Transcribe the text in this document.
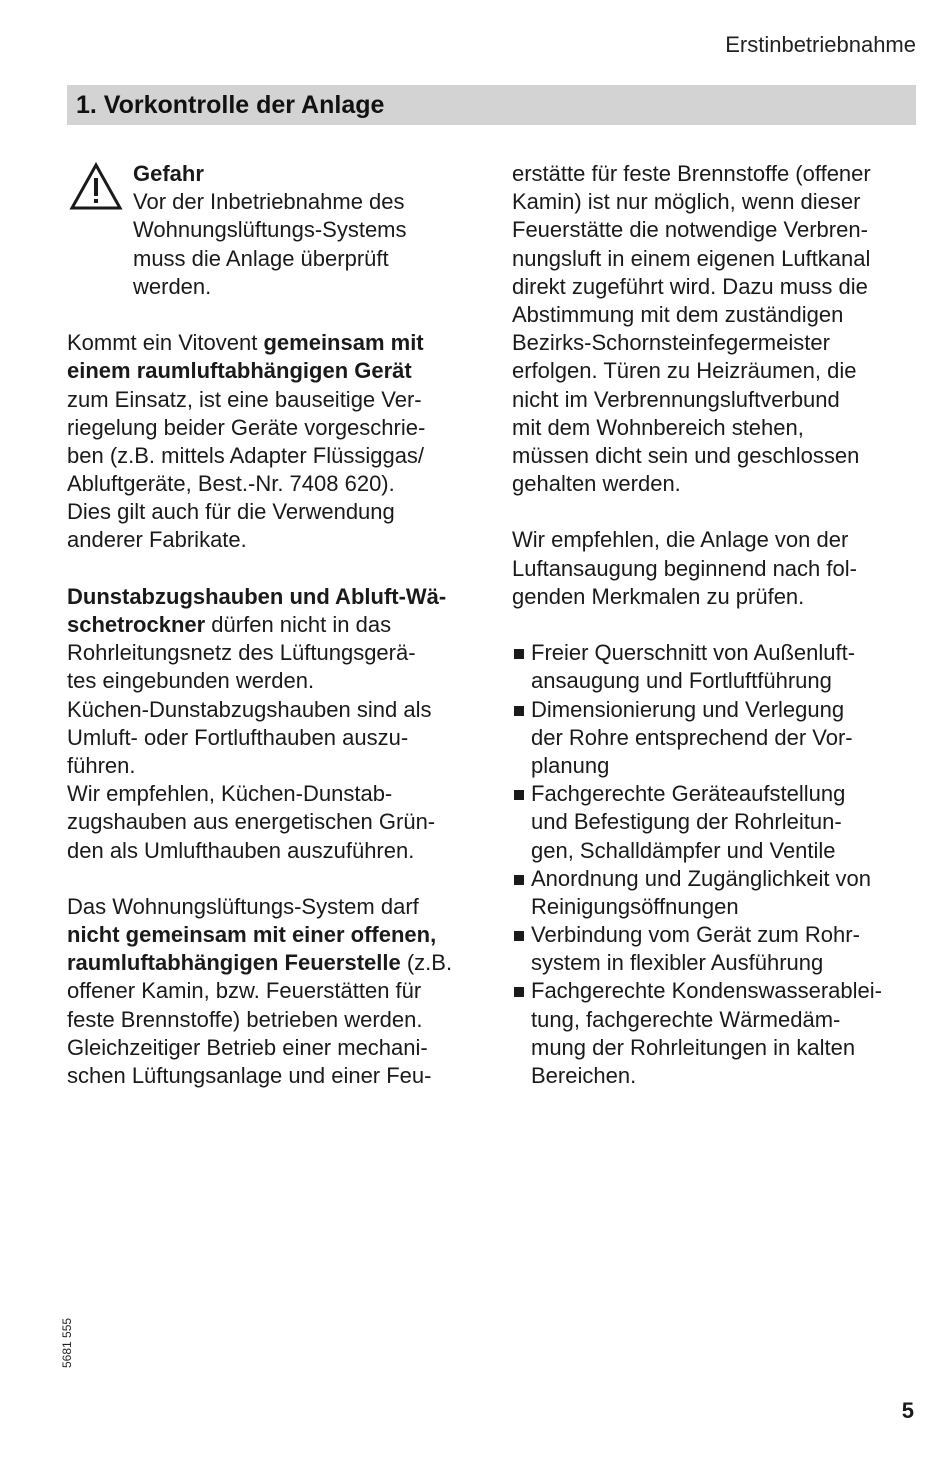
Erstinbetriebnahme
1. Vorkontrolle der Anlage
Gefahr
Vor der Inbetriebnahme des
Wohnungslüftungs-Systems
muss die Anlage überprüft
werden.
Kommt ein Vitovent gemeinsam mit
einem raumluftabhängigen Gerät
zum Einsatz, ist eine bauseitige Ver-
riegelung beider Geräte vorgeschrie-
ben (z.B. mittels Adapter Flüssiggas/
Abluftgeräte, Best.-Nr. 7408 620).
Dies gilt auch für die Verwendung
anderer Fabrikate.
Dunstabzugshauben und Abluft-Wä-
schetrockner dürfen nicht in das
Rohrleitungsnetz des Lüftungsgerä-
tes eingebunden werden.
Küchen-Dunstabzugshauben sind als
Umluft- oder Fortlufthauben auszu-
führen.
Wir empfehlen, Küchen-Dunstab-
zugshauben aus energetischen Grün-
den als Umlufthauben auszuführen.
Das Wohnungslüftungs-System darf
nicht gemeinsam mit einer offenen,
raumluftabhängigen Feuerstelle (z.B.
offener Kamin, bzw. Feuerstätten für
feste Brennstoffe) betrieben werden.
Gleichzeitiger Betrieb einer mechani-
schen Lüftungsanlage und einer Feu-
erstätte für feste Brennstoffe (offener
Kamin) ist nur möglich, wenn dieser
Feuerstätte die notwendige Verbren-
nungsluft in einem eigenen Luftkanal
direkt zugeführt wird. Dazu muss die
Abstimmung mit dem zuständigen
Bezirks-Schornsteinfegermeister
erfolgen. Türen zu Heizräumen, die
nicht im Verbrennungsluftverbund
mit dem Wohnbereich stehen,
müssen dicht sein und geschlossen
gehalten werden.
Wir empfehlen, die Anlage von der
Luftansaugung beginnend nach fol-
genden Merkmalen zu prüfen.
Freier Querschnitt von Außenluft-
ansaugung und Fortluftführung
Dimensionierung und Verlegung
der Rohre entsprechend der Vor-
planung
Fachgerechte Geräteaufstellung
und Befestigung der Rohrleitun-
gen, Schalldämpfer und Ventile
Anordnung und Zugänglichkeit von
Reinigungsöffnungen
Verbindung vom Gerät zum Rohr-
system in flexibler Ausführung
Fachgerechte Kondenswasserablei-
tung, fachgerechte Wärmedäm-
mung der Rohrleitungen in kalten
Bereichen.
5681 555
5
